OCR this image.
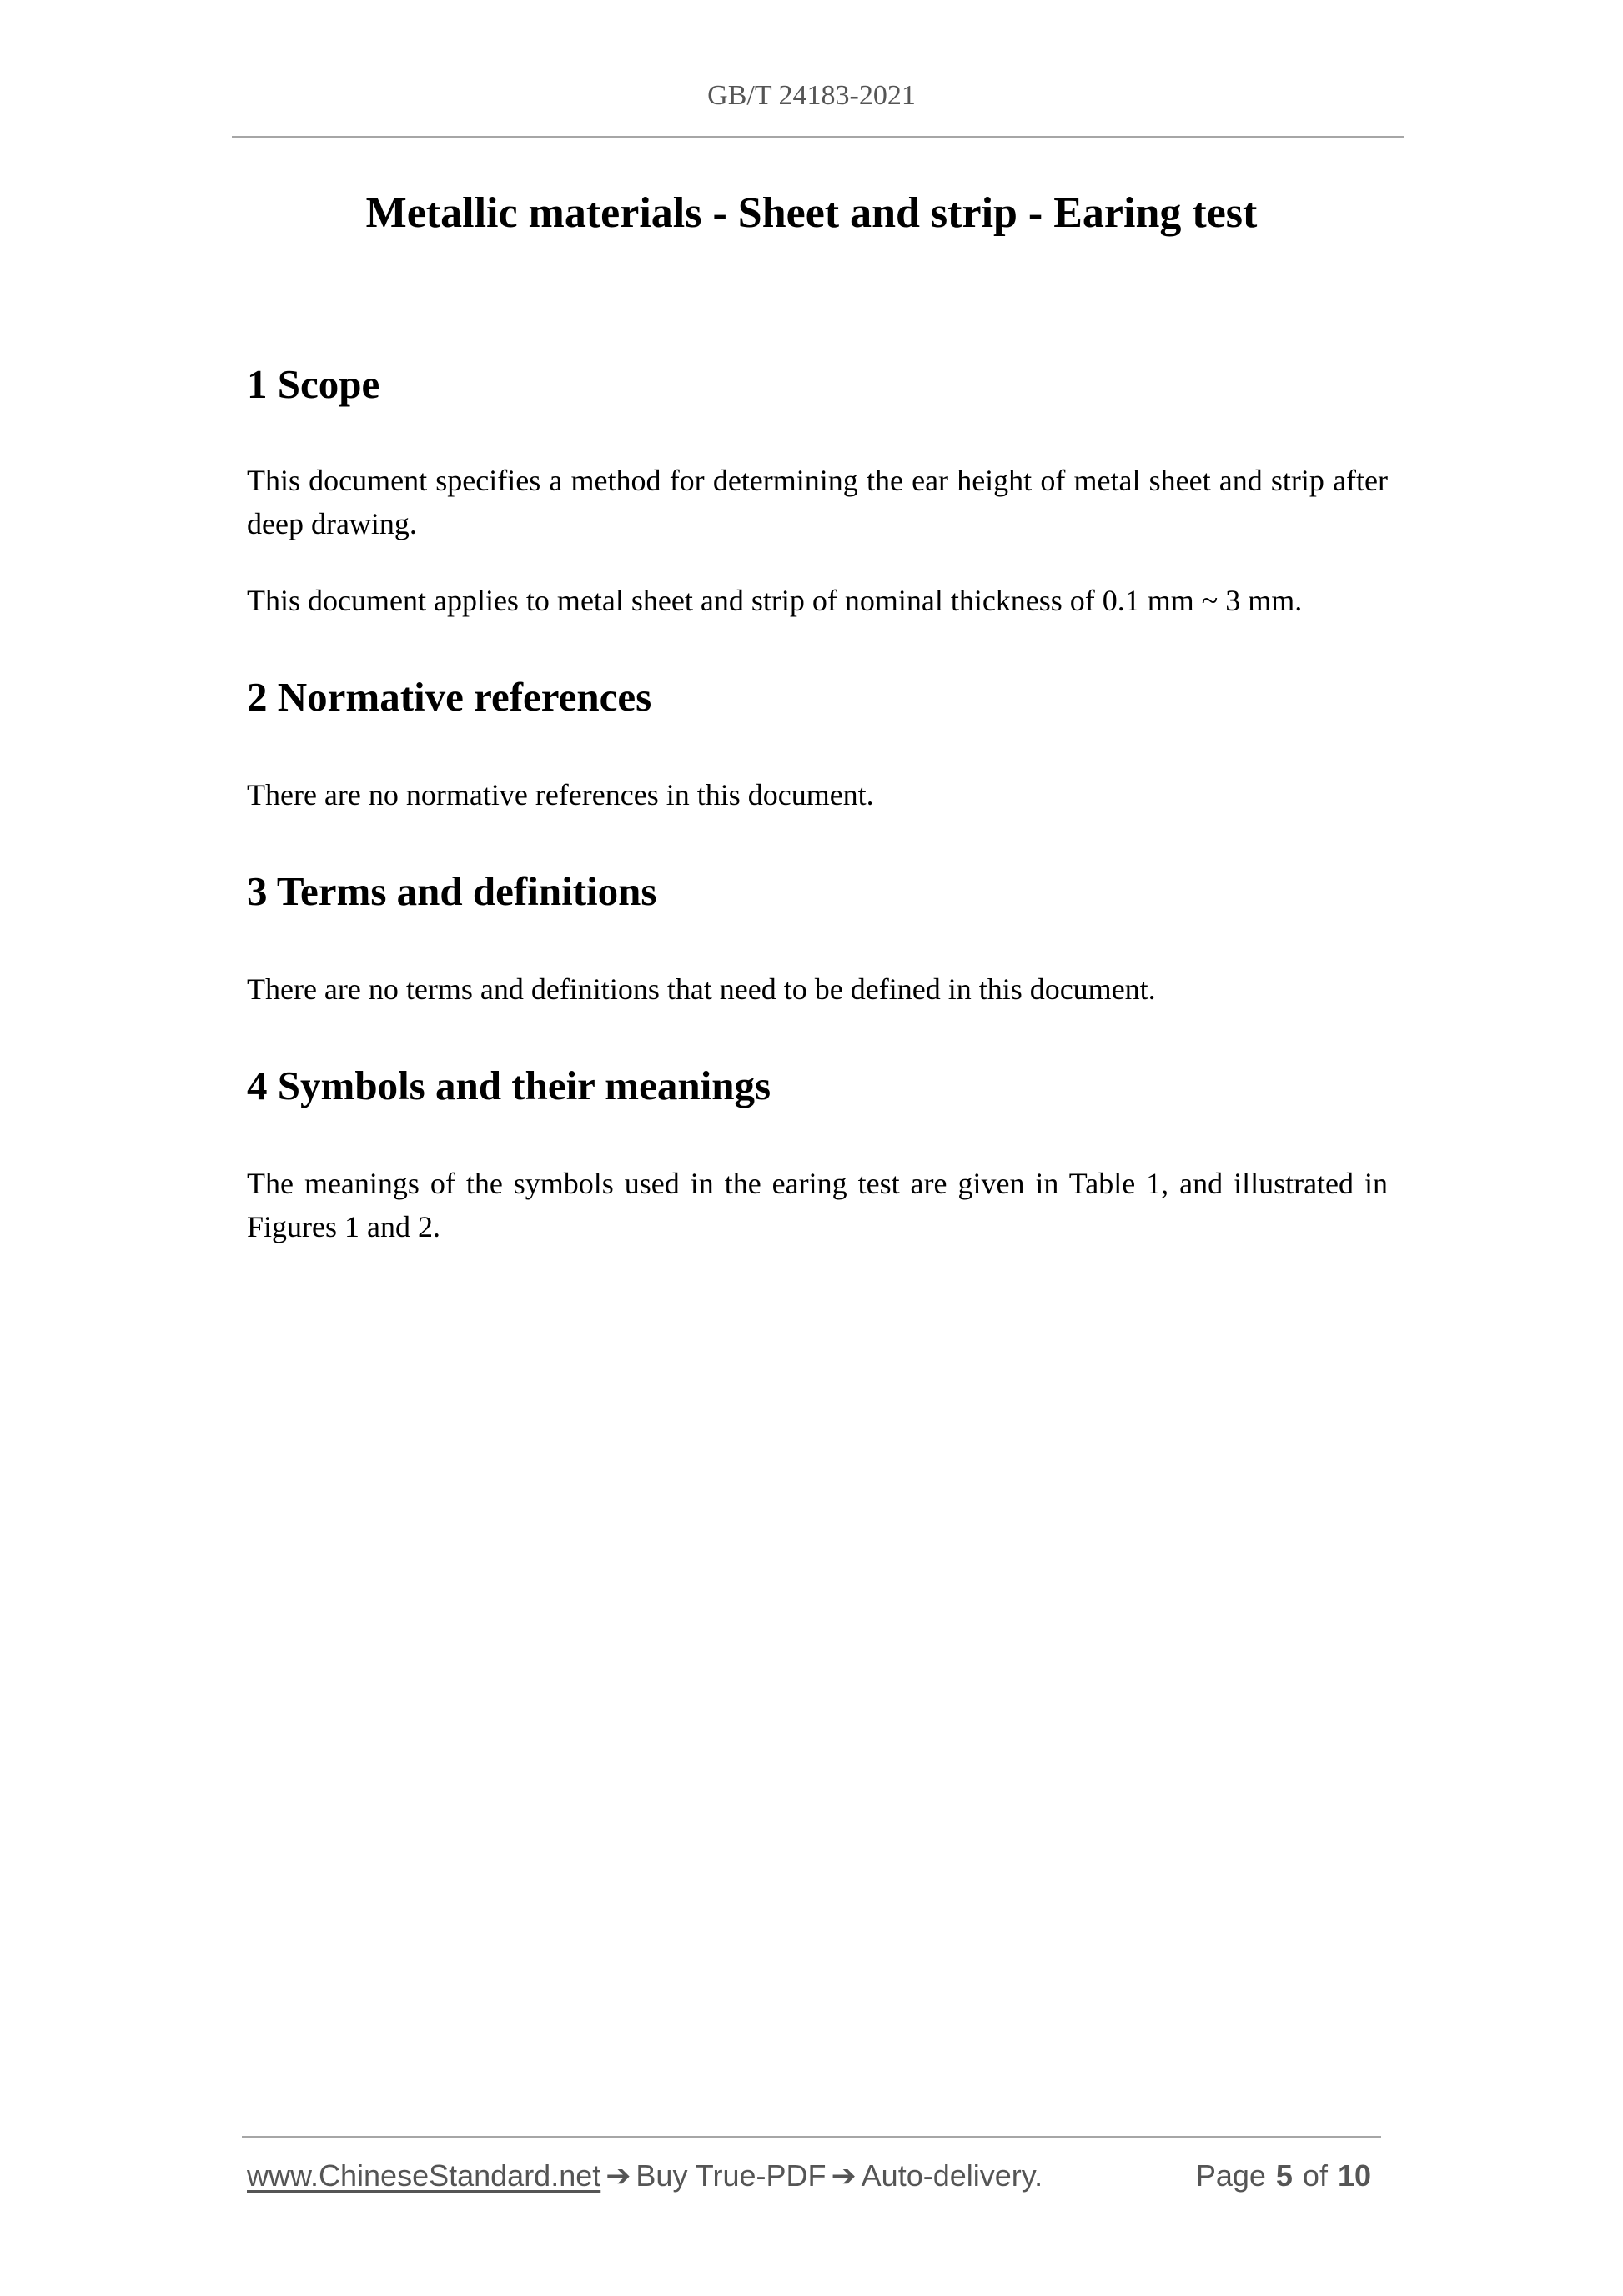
GB/T 24183-2021
Metallic materials - Sheet and strip - Earing test
1 Scope

This document specifies a method for determining the ear height of metal sheet and strip after deep drawing.

This document applies to metal sheet and strip of nominal thickness of 0.1 mm ~ 3 mm.

2 Normative references

There are no normative references in this document.

3 Terms and definitions

There are no terms and definitions that need to be defined in this document.

4 Symbols and their meanings

The meanings of the symbols used in the earing test are given in Table 1, and illustrated in Figures 1 and 2.

www.ChineseStandard.net ➔ Buy True-PDF ➔ Auto-delivery.	Page 5 of 10
